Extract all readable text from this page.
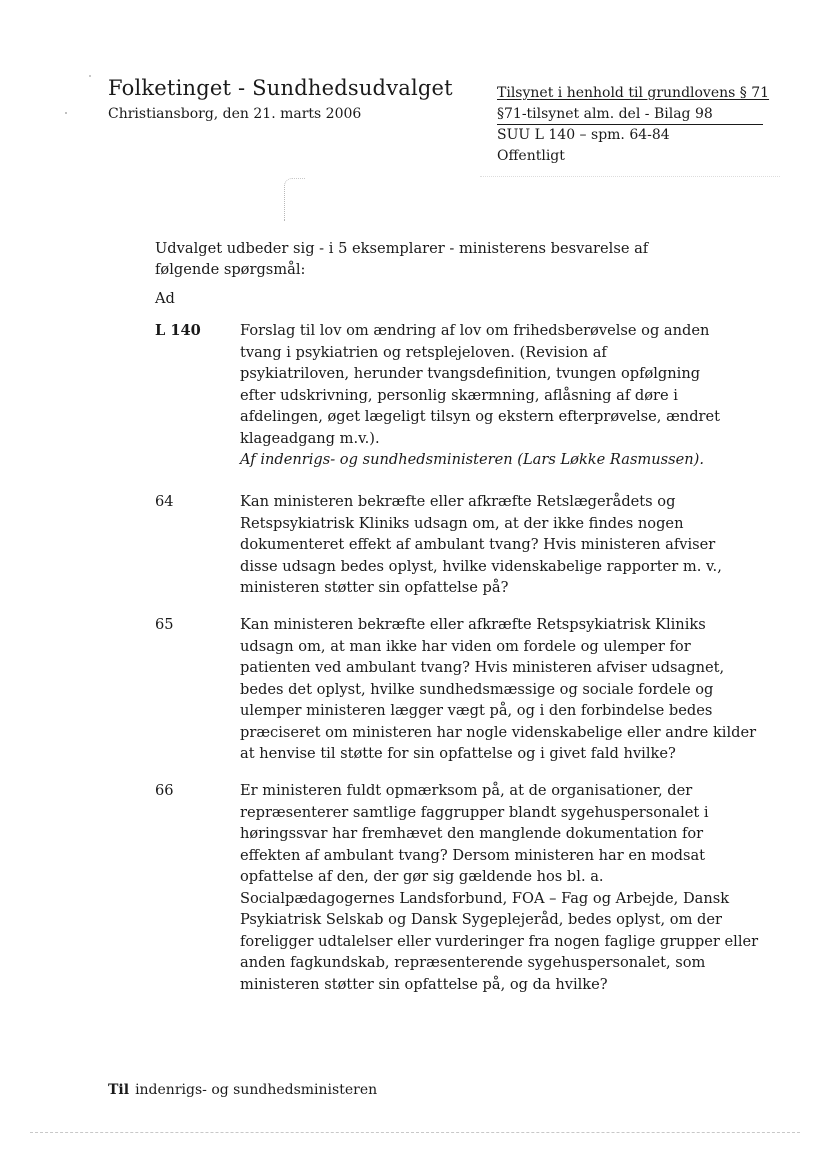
Folketinget - Sundhedsudvalget
Christiansborg, den 21. marts 2006
Tilsynet i henhold til grundlovens § 71
§71-tilsynet alm. del - Bilag 98
SUU L 140 – spm. 64-84
Offentligt
Udvalget udbeder sig - i 5 eksemplarer - ministerens besvarelse af følgende spørgsmål:
Ad
L 140	Forslag til lov om ændring af lov om frihedsberøvelse og anden
tvang i psykiatrien og retsplejeloven. (Revision af
psykiatriloven, herunder tvangsdefinition, tvungen opfølgning
efter udskrivning, personlig skærmning, aflåsning af døre i
afdelingen, øget lægeligt tilsyn og ekstern efterprøvelse, ændret
klageadgang m.v.).
Af indenrigs- og sundhedsministeren (Lars Løkke Rasmussen).
64	Kan ministeren bekræfte eller afkræfte Retslægerådets og
Retspsykiatrisk Kliniks udsagn om, at der ikke findes nogen
dokumenteret effekt af ambulant tvang? Hvis ministeren afviser
disse udsagn bedes oplyst, hvilke videnskabelige rapporter m. v.,
ministeren støtter sin opfattelse på?
65	Kan ministeren bekræfte eller afkræfte Retspsykiatrisk Kliniks
udsagn om, at man ikke har viden om fordele og ulemper for
patienten ved ambulant tvang? Hvis ministeren afviser udsagnet,
bedes det oplyst, hvilke sundhedsmæssige og sociale fordele og
ulemper ministeren lægger vægt på, og i den forbindelse bedes
præciseret om ministeren har nogle videnskabelige eller andre kilder
at henvise til støtte for sin opfattelse og i givet fald hvilke?
66	Er ministeren fuldt opmærksom på, at de organisationer, der
repræsenterer samtlige faggrupper blandt sygehuspersonalet i
høringssvar har fremhævet den manglende dokumentation for
effekten af ambulant tvang? Dersom ministeren har en modsat
opfattelse af den, der gør sig gældende hos bl. a.
Socialpædagogernes Landsforbund, FOA – Fag og Arbejde, Dansk
Psykiatrisk Selskab og Dansk Sygeplejeråd, bedes oplyst, om der
foreligger udtalelser eller vurderinger fra nogen faglige grupper eller
anden fagkundskab, repræsenterende sygehuspersonalet, som
ministeren støtter sin opfattelse på, og da hvilke?
Til indenrigs- og sundhedsministeren
